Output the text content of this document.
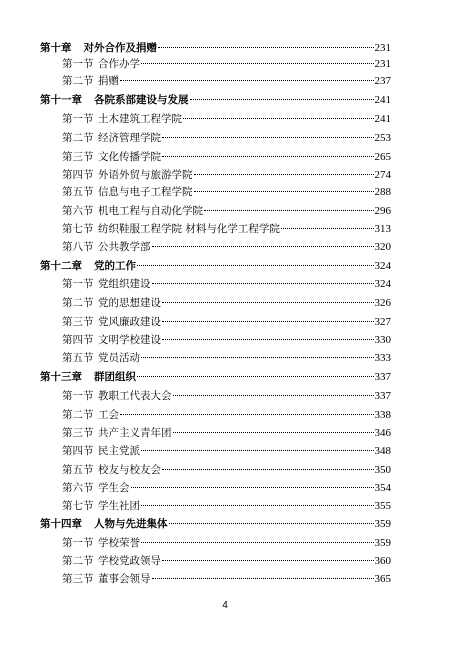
第十章 对外合作及捐赠	231
第一节 合作办学	231
第二节 捐赠	237
第十一章 各院系部建设与发展	241
第一节 土木建筑工程学院	241
第二节 经济管理学院	253
第三节 文化传播学院	265
第四节 外语外贸与旅游学院	274
第五节 信息与电子工程学院	288
第六节 机电工程与自动化学院	296
第七节 纺织鞋服工程学院 材料与化学工程学院	313
第八节 公共教学部	320
第十二章 党的工作	324
第一节 党组织建设	324
第二节 党的思想建设	326
第三节 党风廉政建设	327
第四节 文明学校建设	330
第五节 党员活动	333
第十三章 群团组织	337
第一节 教职工代表大会	337
第二节 工会	338
第三节 共产主义青年团	346
第四节 民主党派	348
第五节 校友与校友会	350
第六节 学生会	354
第七节 学生社团	355
第十四章 人物与先进集体	359
第一节 学校荣誉	359
第二节 学校党政领导	360
第三节 董事会领导	365
4
